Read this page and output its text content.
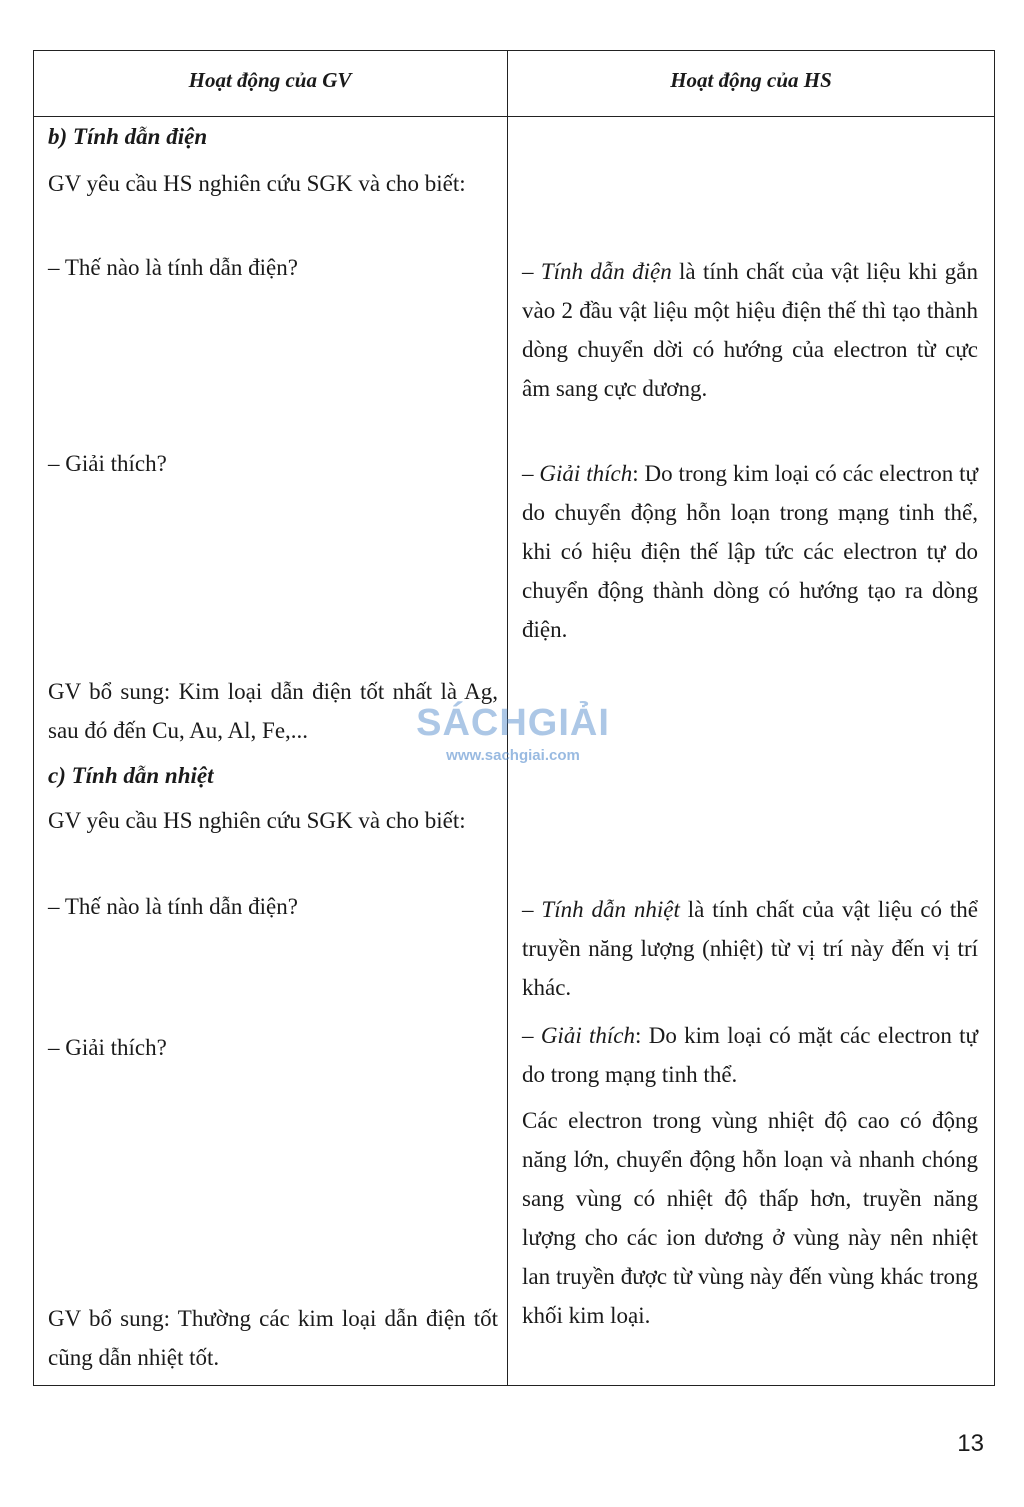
Hoạt động của GV	Hoạt động của HS

b) Tính dẫn điện

GV yêu cầu HS nghiên cứu SGK và cho biết:

– Thế nào là tính dẫn điện?	– Tính dẫn điện là tính chất của vật liệu khi gắn vào 2 đầu vật liệu một hiệu điện thế thì tạo thành dòng chuyển dời có hướng của electron từ cực âm sang cực dương.

– Giải thích?	– Giải thích: Do trong kim loại có các electron tự do chuyển động hỗn loạn trong mạng tinh thể, khi có hiệu điện thế lập tức các electron tự do chuyển động thành dòng có hướng tạo ra dòng điện.

GV bổ sung: Kim loại dẫn điện tốt nhất là Ag, sau đó đến Cu, Au, Al, Fe,...

c) Tính dẫn nhiệt

GV yêu cầu HS nghiên cứu SGK và cho biết:

– Thế nào là tính dẫn điện?	– Tính dẫn nhiệt là tính chất của vật liệu có thể truyền năng lượng (nhiệt) từ vị trí này đến vị trí khác.

– Giải thích?	– Giải thích: Do kim loại có mặt các electron tự do trong mạng tinh thể.

Các electron trong vùng nhiệt độ cao có động năng lớn, chuyển động hỗn loạn và nhanh chóng sang vùng có nhiệt độ thấp hơn, truyền năng lượng cho các ion dương ở vùng này nên nhiệt lan truyền được từ vùng này đến vùng khác trong khối kim loại.

GV bổ sung: Thường các kim loại dẫn điện tốt cũng dẫn nhiệt tốt.

SÁCHGIẢI
www.sachgiai.com
13
